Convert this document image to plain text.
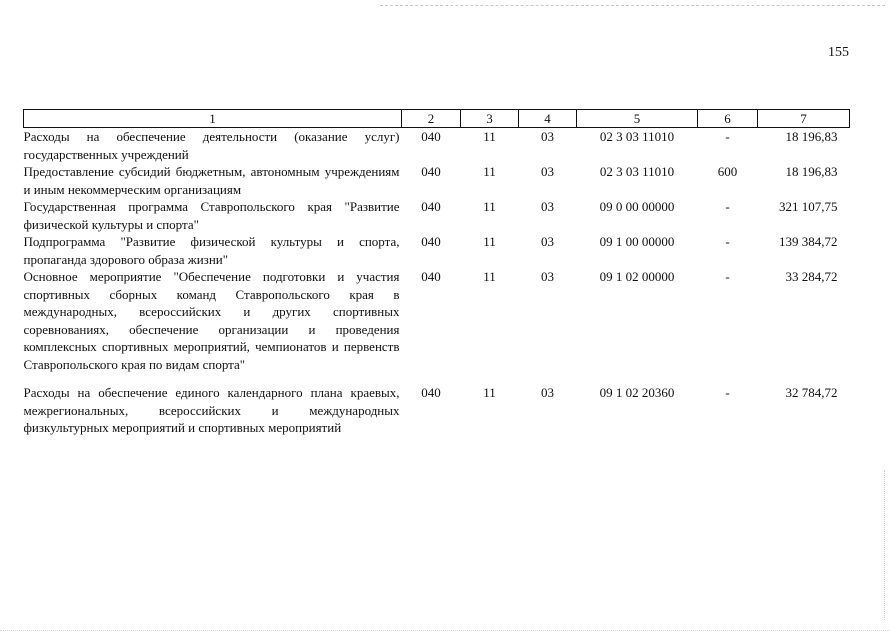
155
1	2	3	4	5	6	7
Расходы на обеспечение деятельности (оказание услуг) государственных учреждений	040	11	03	02 3 03 11010	-	18 196,83
Предоставление субсидий бюджетным, автономным учреждениям и иным некоммерческим организациям	040	11	03	02 3 03 11010	600	18 196,83
Государственная программа Ставропольского края "Развитие физической культуры и спорта"	040	11	03	09 0 00 00000	-	321 107,75
Подпрограмма "Развитие физической культуры и спорта, пропаганда здорового образа жизни"	040	11	03	09 1 00 00000	-	139 384,72
Основное мероприятие "Обеспечение подготовки и участия спортивных сборных команд Ставропольского края в международных, всероссийских и других спортивных соревнованиях, обеспечение организации и проведения комплексных спортивных мероприятий, чемпионатов и первенств Ставропольского края по видам спорта"	040	11	03	09 1 02 00000	-	33 284,72
Расходы на обеспечение единого календарного плана краевых, межрегиональных, всероссийских и международных физкультурных мероприятий и спортивных мероприятий	040	11	03	09 1 02 20360	-	32 784,72
